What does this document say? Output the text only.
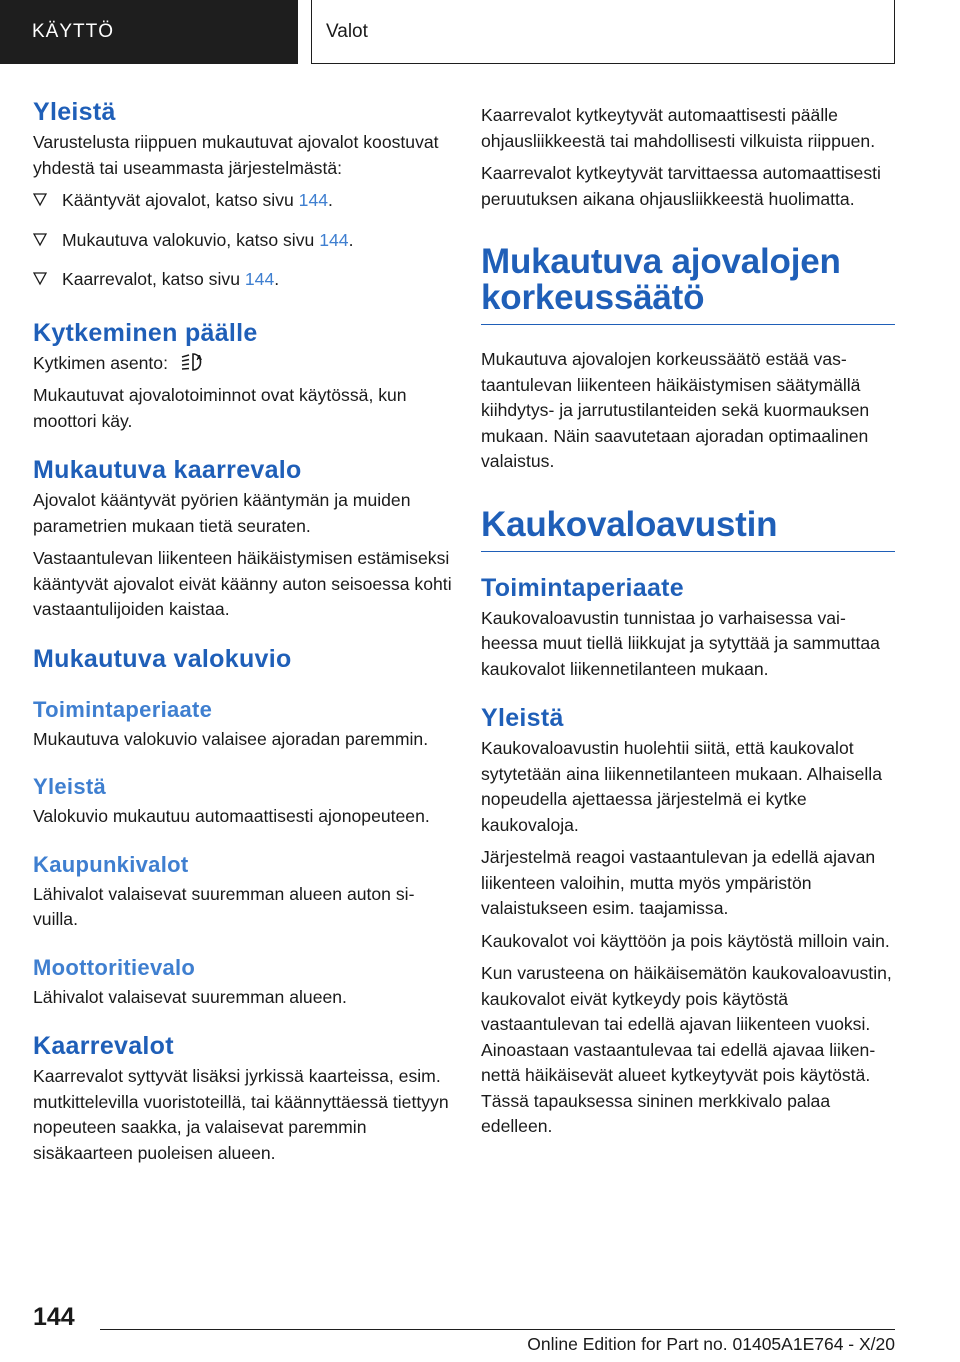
KÄYTTÖ	Valot
Yleistä

Varustelusta riippuen mukautuvat ajovalot koostuvat yhdestä tai useammasta järjestelmästä:

Kääntyvät ajovalot, katso sivu 144.
Mukautuva valokuvio, katso sivu 144.
Kaarrevalot, katso sivu 144.
Kytkeminen päälle

Kytkimen asento:	A

Mukautuvat ajovalotoiminnot ovat käytössä, kun moottori käy.

Mukautuva kaarrevalo

Ajovalot kääntyvät pyörien kääntymän ja muiden parametrien mukaan tietä seuraten.

Vastaantulevan liikenteen häikäistymisen estämiseksi kääntyvät ajovalot eivät käänny auton seisoessa kohti vastaantulijoiden kaistaa.

Mukautuva valokuvio
Toimintaperiaate

Mukautuva valokuvio valaisee ajoradan paremmin.

Yleistä

Valokuvio mukautuu automaattisesti ajonopeuteen.

Kaupunkivalot

Lähivalot valaisevat suuremman alueen auton sivuilla.

Moottoritievalo

Lähivalot valaisevat suuremman alueen.

Kaarrevalot

Kaarrevalot syttyvät lisäksi jyrkissä kaarteissa, esim. mutkittelevilla vuoristoteillä, tai käännyttäessä tiettyyn nopeuteen saakka, ja valaisevat paremmin sisäkaarteen puoleisen alueen.

Kaarrevalot kytkeytyvät automaattisesti päälle ohjausliikkeestä tai mahdollisesti vilkuista riippuen.

Kaarrevalot kytkeytyvät tarvittaessa automaattisesti peruutuksen aikana ohjausliikkeestä huolimatta.

Mukautuva ajovalojen korkeussäätö

Mukautuva ajovalojen korkeussäätö estää vastaantulevan liikenteen häikäistymisen säätymällä kiihdytys- ja jarrutustilanteiden sekä kuormauksen mukaan. Näin saavutetaan ajoradan optimaalinen valaistus.

Kaukovaloavustin
Toimintaperiaate

Kaukovaloavustin tunnistaa jo varhaisessa vaiheessa muut tiellä liikkujat ja sytyttää ja sammuttaa kaukovalot liikennetilanteen mukaan.

Yleistä

Kaukovaloavustin huolehtii siitä, että kaukovalot sytytetään aina liikennetilanteen mukaan. Alhaisella nopeudella ajettaessa järjestelmä ei kytke kaukovaloja.

Järjestelmä reagoi vastaantulevan ja edellä ajavan liikenteen valoihin, mutta myös ympäristön valaistukseen esim. taajamissa.

Kaukovalot voi käyttöön ja pois käytöstä milloin vain.

Kun varusteena on häikäisemätön kaukovaloavustin, kaukovalot eivät kytkeydy pois käytöstä vastaantulevan tai edellä ajavan liikenteen vuoksi. Ainoastaan vastaantulevaa tai edellä ajavaa liikennettä häikäisevät alueet kytkeytyvät pois käytöstä. Tässä tapauksessa sininen merkkivalo palaa edelleen.

144
Online Edition for Part no. 01405A1E764 - X/20
